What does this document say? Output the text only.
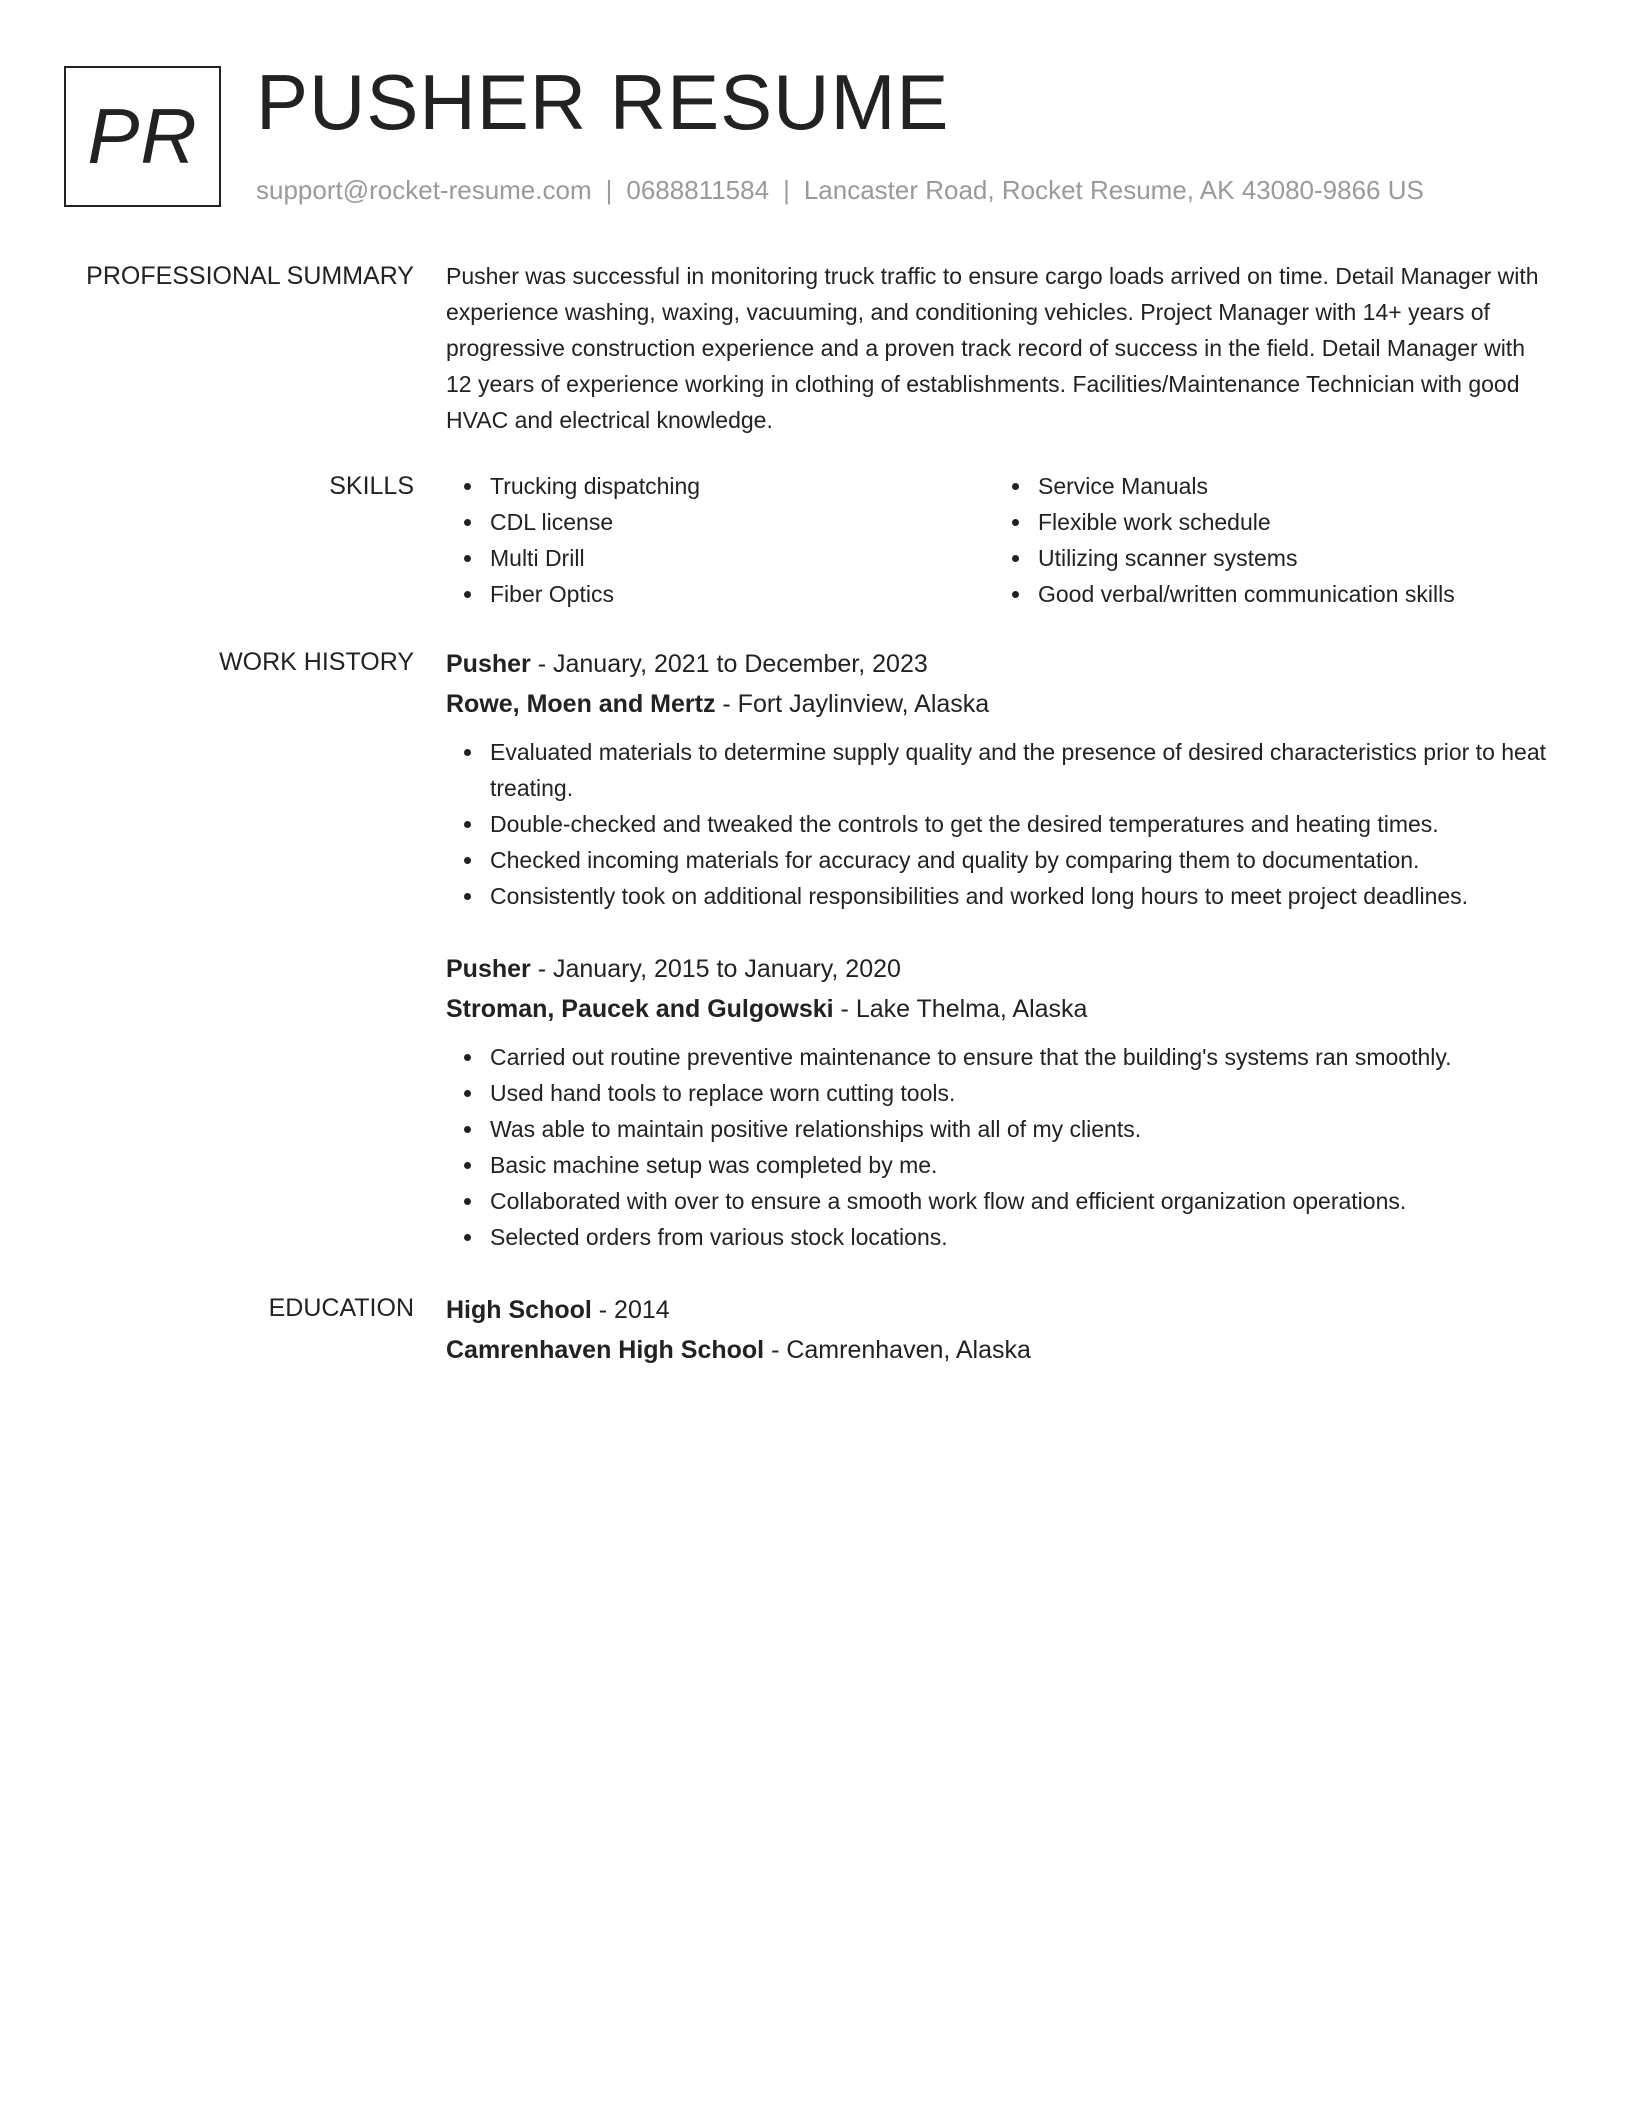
PR PUSHER RESUME
support@rocket-resume.com | 0688811584 | Lancaster Road, Rocket Resume, AK 43080-9866 US
PROFESSIONAL SUMMARY Pusher was successful in monitoring truck traffic to ensure cargo loads arrived on time. Detail Manager with experience washing, waxing, vacuuming, and conditioning vehicles. Project Manager with 14+ years of progressive construction experience and a proven track record of success in the field. Detail Manager with 12 years of experience working in clothing of establishments. Facilities/Maintenance Technician with good HVAC and electrical knowledge.

SKILLS	Trucking dispatching
CDL license
Multi Drill
Fiber Optics
Service Manuals
Flexible work schedule
Utilizing scanner systems
Good verbal/written communication skills
WORK HISTORY Pusher - January, 2021 to December, 2023
Rowe, Moen and Mertz - Fort Jaylinview, Alaska
Evaluated materials to determine supply quality and the presence of desired characteristics prior to heat treating.
Double-checked and tweaked the controls to get the desired temperatures and heating times.
Checked incoming materials for accuracy and quality by comparing them to documentation.
Consistently took on additional responsibilities and worked long hours to meet project deadlines.
Pusher - January, 2015 to January, 2020
Stroman, Paucek and Gulgowski - Lake Thelma, Alaska
Carried out routine preventive maintenance to ensure that the building's systems ran smoothly.
Used hand tools to replace worn cutting tools.
Was able to maintain positive relationships with all of my clients.
Basic machine setup was completed by me.
Collaborated with over to ensure a smooth work flow and efficient organization operations.
Selected orders from various stock locations.
EDUCATION High School - 2014
Camrenhaven High School - Camrenhaven, Alaska
